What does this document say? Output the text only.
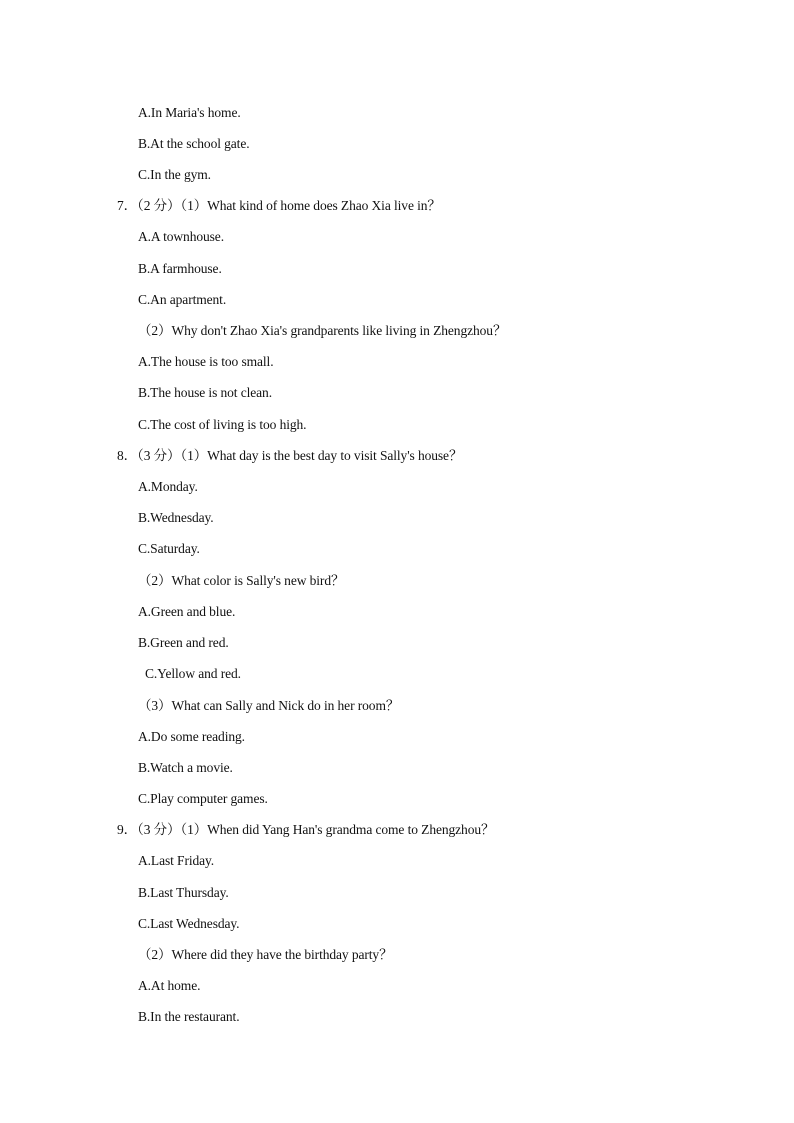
A.In Maria's home.
B.At the school gate.
C.In the gym.
7．（2 分）（1）What kind of home does Zhao Xia live in？
A.A townhouse.
B.A farmhouse.
C.An apartment.
（2）Why don't Zhao Xia's grandparents like living in Zhengzhou？
A.The house is too small.
B.The house is not clean.
C.The cost of living is too high.
8．（3 分）（1）What day is the best day to visit Sally's house？
A.Monday.
B.Wednesday.
C.Saturday.
（2）What color is Sally's new bird？
A.Green and blue.
B.Green and red.
C.Yellow and red.
（3）What can Sally and Nick do in her room？
A.Do some reading.
B.Watch a movie.
C.Play computer games.
9．（3 分）（1）When did Yang Han's grandma come to Zhengzhou？
A.Last Friday.
B.Last Thursday.
C.Last Wednesday.
（2）Where did they have the birthday party？
A.At home.
B.In the restaurant.
